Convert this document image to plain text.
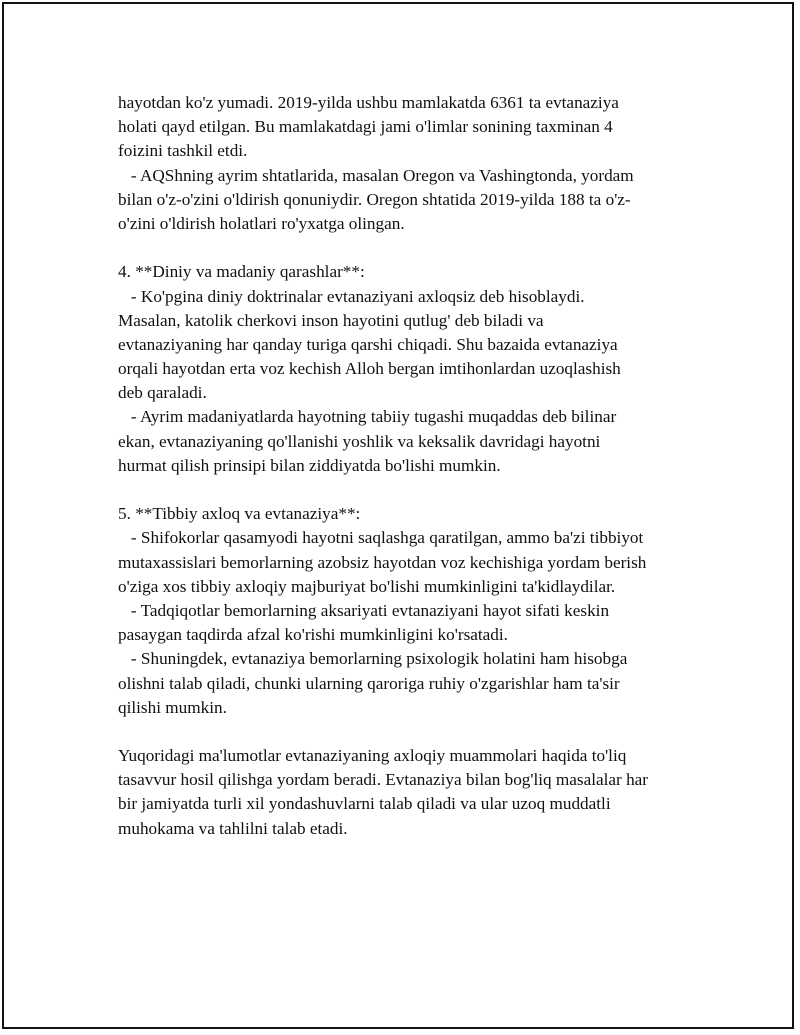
hayotdan ko'z yumadi. 2019-yilda ushbu mamlakatda 6361 ta evtanaziya
holati qayd etilgan. Bu mamlakatdagi jami o'limlar sonining taxminan 4
foizini tashkil etdi.
- AQShning ayrim shtatlarida, masalan Oregon va Vashingtonda, yordam
bilan o'z-o'zini o'ldirish qonuniydir. Oregon shtatida 2019-yilda 188 ta o'z-
o'zini o'ldirish holatlari ro'yxatga olingan.
4. **Diniy va madaniy qarashlar**:
- Ko'pgina diniy doktrinalar evtanaziyani axloqsiz deb hisoblaydi.
Masalan, katolik cherkovi inson hayotini qutlug' deb biladi va
evtanaziyaning har qanday turiga qarshi chiqadi. Shu bazaida evtanaziya
orqali hayotdan erta voz kechish Alloh bergan imtihonlardan uzoqlashish
deb qaraladi.
- Ayrim madaniyatlarda hayotning tabiiy tugashi muqaddas deb bilinar
ekan, evtanaziyaning qo'llanishi yoshlik va keksalik davridagi hayotni
hurmat qilish prinsipi bilan ziddiyatda bo'lishi mumkin.
5. **Tibbiy axloq va evtanaziya**:
- Shifokorlar qasamyodi hayotni saqlashga qaratilgan, ammo ba'zi tibbiyot
mutaxassislari bemorlarning azobsiz hayotdan voz kechishiga yordam berish
o'ziga xos tibbiy axloqiy majburiyat bo'lishi mumkinligini ta'kidlaydilar.
- Tadqiqotlar bemorlarning aksariyati evtanaziyani hayot sifati keskin
pasaygan taqdirda afzal ko'rishi mumkinligini ko'rsatadi.
- Shuningdek, evtanaziya bemorlarning psixologik holatini ham hisobga
olishni talab qiladi, chunki ularning qaroriga ruhiy o'zgarishlar ham ta'sir
qilishi mumkin.
Yuqoridagi ma'lumotlar evtanaziyaning axloqiy muammolari haqida to'liq
tasavvur hosil qilishga yordam beradi. Evtanaziya bilan bog'liq masalalar har
bir jamiyatda turli xil yondashuvlarni talab qiladi va ular uzoq muddatli
muhokama va tahlilni talab etadi.
